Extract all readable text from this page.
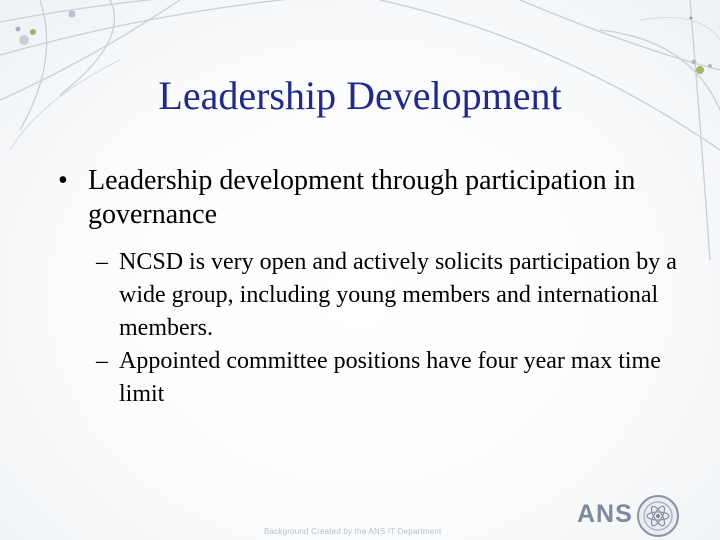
Leadership Development
• Leadership development through participation in governance
– NCSD is very open and actively solicits participation by a wide group, including young members and international members.
– Appointed committee positions have four year max time limit
Background Created by the ANS IT Department
ANS
